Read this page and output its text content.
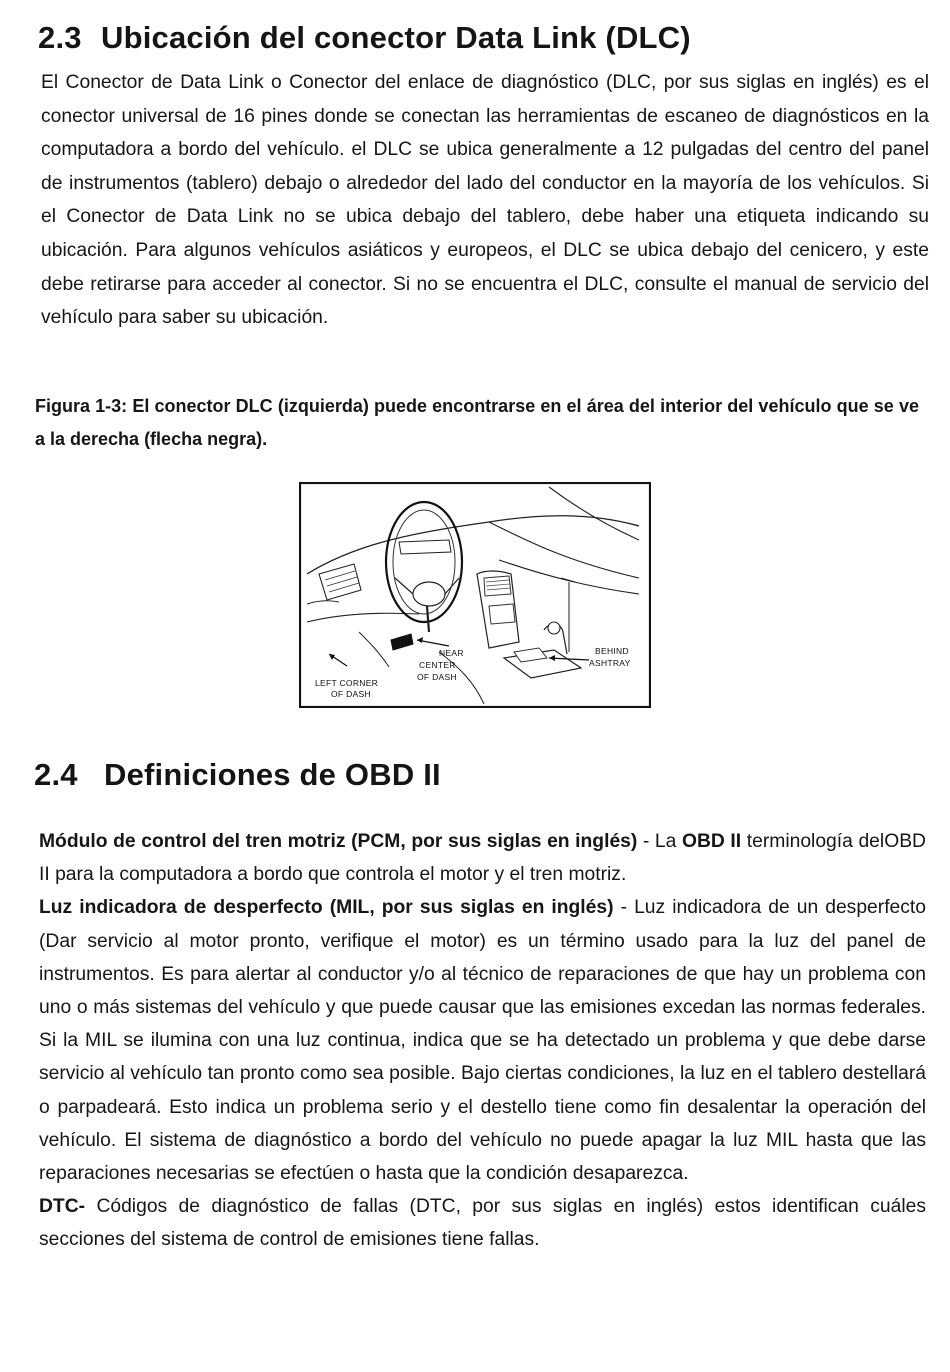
2.3 Ubicación del conector Data Link (DLC)

El Conector de Data Link o Conector del enlace de diagnóstico (DLC, por sus siglas en inglés) es el conector universal de 16 pines donde se conectan las herramientas de escaneo de diagnósticos en la computadora a bordo del vehículo. el DLC se ubica generalmente a 12 pulgadas del centro del panel de instrumentos (tablero) debajo o alrededor del lado del conductor en la mayoría de los vehículos. Si el Conector de Data Link no se ubica debajo del tablero, debe haber una etiqueta indicando su ubicación. Para algunos vehículos asiáticos y europeos, el DLC se ubica debajo del cenicero, y este debe retirarse para acceder al conector. Si no se encuentra el DLC, consulte el manual de servicio del vehículo para saber su ubicación.

Figura 1-3: El conector DLC (izquierda) puede encontrarse en el área del interior del vehículo que se ve a la derecha (flecha negra).

LEFT CORNER
OF DASH
NEAR
CENTER
OF DASH
BEHIND
ASHTRAY
2.4 Definiciones de OBD II

Módulo de control del tren motriz (PCM, por sus siglas en inglés) - La OBD II terminología delOBD II para la computadora a bordo que controla el motor y el tren motriz.

Luz indicadora de desperfecto (MIL, por sus siglas en inglés) - Luz indicadora de un desperfecto (Dar servicio al motor pronto, verifique el motor) es un término usado para la luz del panel de instrumentos. Es para alertar al conductor y/o al técnico de reparaciones de que hay un problema con uno o más sistemas del vehículo y que puede causar que las emisiones excedan las normas federales. Si la MIL se ilumina con una luz continua, indica que se ha detectado un problema y que debe darse servicio al vehículo tan pronto como sea posible. Bajo ciertas condiciones, la luz en el tablero destellará o parpadeará. Esto indica un problema serio y el destello tiene como fin desalentar la operación del vehículo. El sistema de diagnóstico a bordo del vehículo no puede apagar la luz MIL hasta que las reparaciones necesarias se efectúen o hasta que la condición desaparezca.

DTC- Códigos de diagnóstico de fallas (DTC, por sus siglas en inglés) estos identifican cuáles secciones del sistema de control de emisiones tiene fallas.
